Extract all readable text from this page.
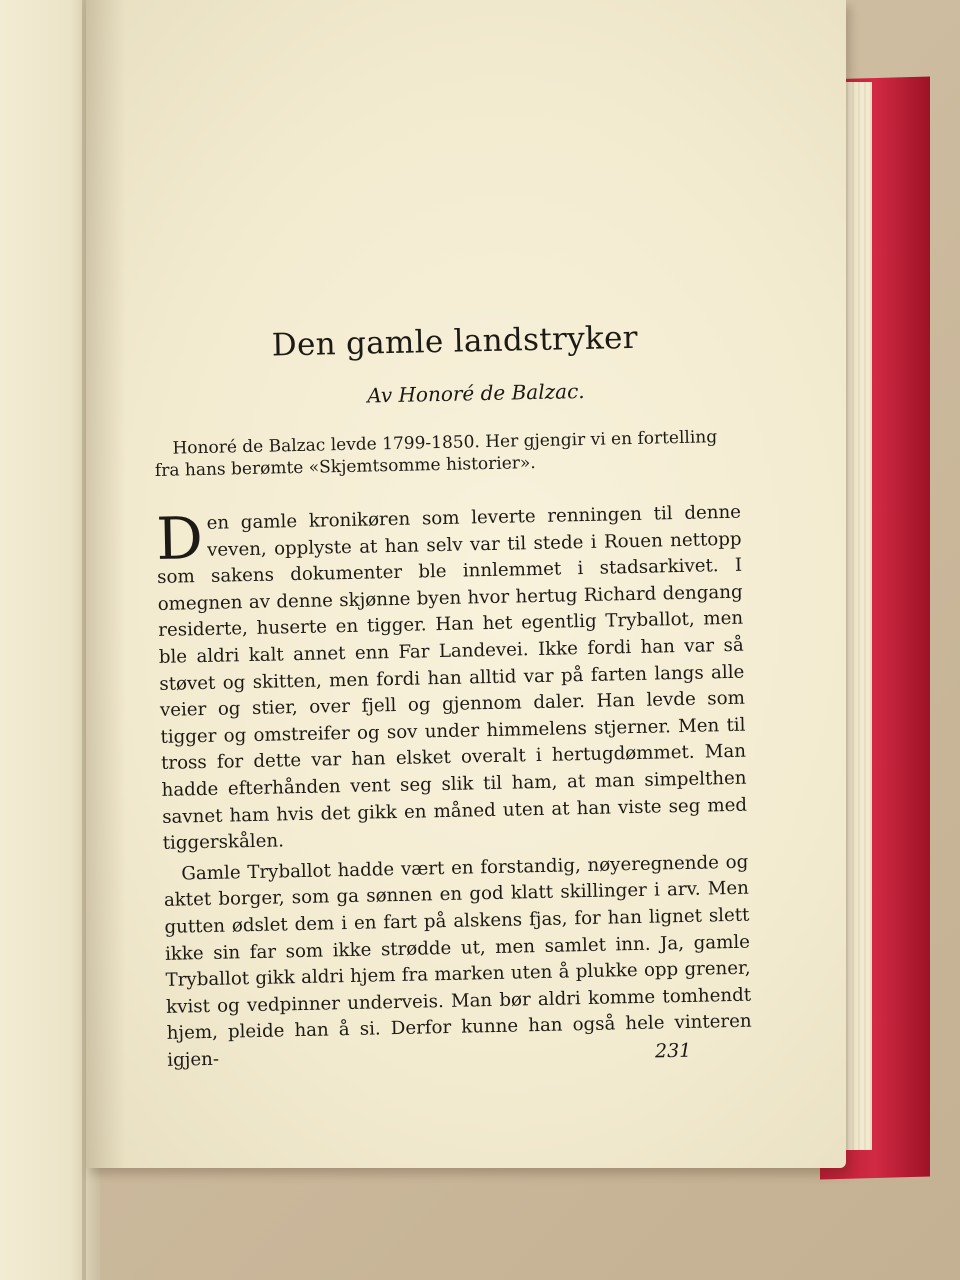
Den gamle landstryker
Av Honoré de Balzac.

Honoré de Balzac levde 1799-1850. Her gjengir vi en fortelling fra hans berømte «Skjemtsomme historier».

Den gamle kronikøren som leverte renningen til denne veven, opplyste at han selv var til stede i Rouen nettopp som sakens dokumenter ble innlemmet i stadsarkivet. I omegnen av denne skjønne byen hvor hertug Richard dengang residerte, huserte en tigger. Han het egentlig Tryballot, men ble aldri kalt annet enn Far Landevei. Ikke fordi han var så støvet og skitten, men fordi han alltid var på farten langs alle veier og stier, over fjell og gjennom daler. Han levde som tigger og omstreifer og sov under himmelens stjerner. Men til tross for dette var han elsket overalt i hertugdømmet. Man hadde efterhånden vent seg slik til ham, at man simpelthen savnet ham hvis det gikk en måned uten at han viste seg med tiggerskålen.

Gamle Tryballot hadde vært en forstandig, nøyeregnende og aktet borger, som ga sønnen en god klatt skillinger i arv. Men gutten ødslet dem i en fart på alskens fjas, for han lignet slett ikke sin far som ikke strødde ut, men samlet inn. Ja, gamle Tryballot gikk aldri hjem fra marken uten å plukke opp grener, kvist og vedpinner underveis. Man bør aldri komme tomhendt hjem, pleide han å si. Derfor kunne han også hele vinteren igjen-	231
